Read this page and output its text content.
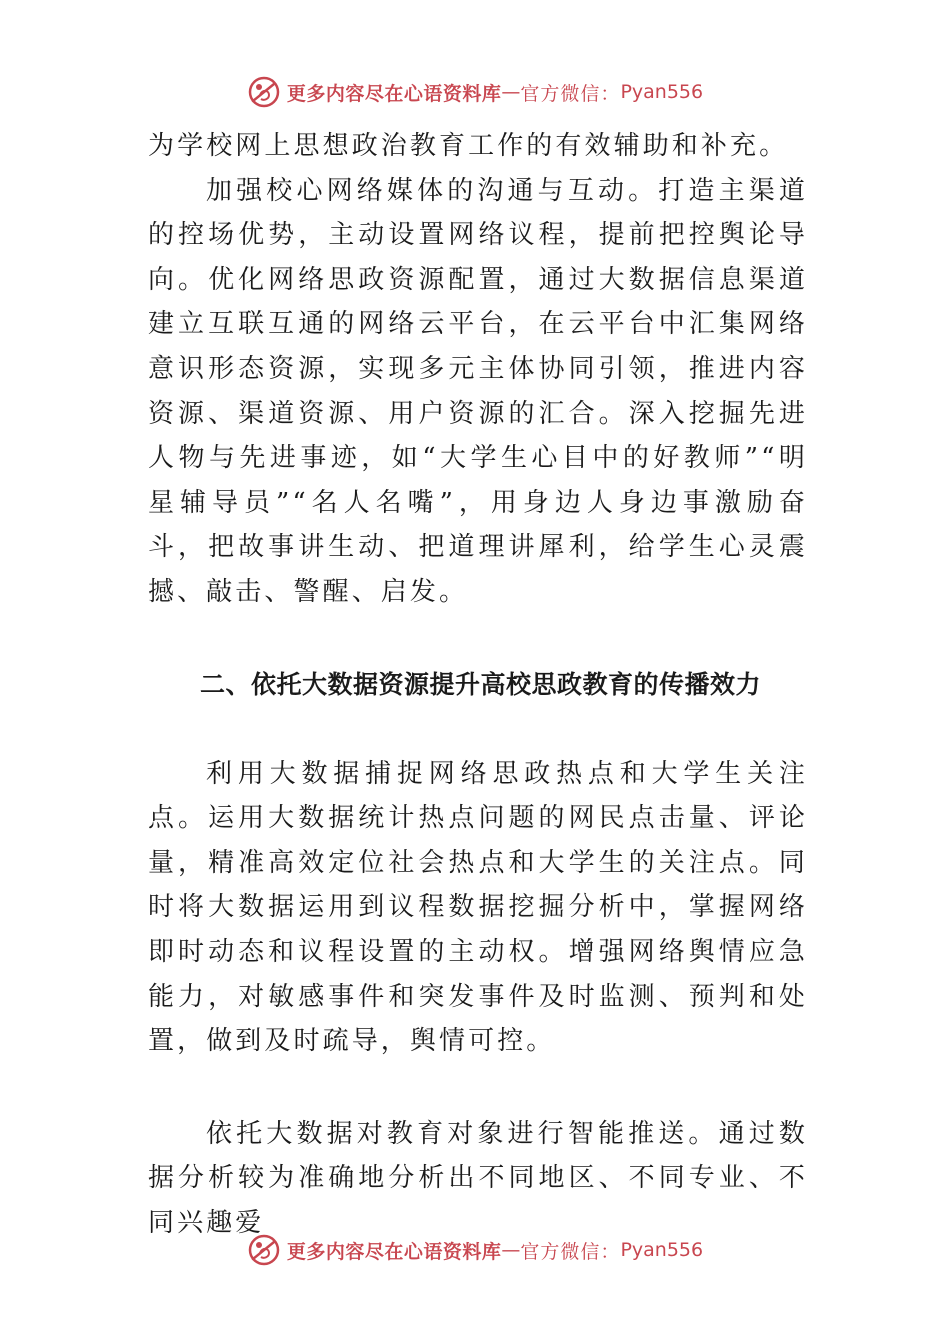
更多内容尽在心语资料库 — 官方微信： Pyan556

为学校网上思想政治教育工作的有效辅助和补充。

加强校心网络媒体的沟通与互动。打造主渠道的控场优势，主动设置网络议程，提前把控舆论导向。优化网络思政资源配置，通过大数据信息渠道建立互联互通的网络云平台，在云平台中汇集网络意识形态资源，实现多元主体协同引领，推进内容资源、渠道资源、用户资源的汇合。深入挖掘先进人物与先进事迹，如“大学生心目中的好教师”“明星辅导员”“名人名嘴”，用身边人身边事激励奋斗，把故事讲生动、把道理讲犀利，给学生心灵震撼、敲击、警醒、启发。

二、依托大数据资源提升高校思政教育的传播效力

利用大数据捕捉网络思政热点和大学生关注点。运用大数据统计热点问题的网民点击量、评论量，精准高效定位社会热点和大学生的关注点。同时将大数据运用到议程数据挖掘分析中，掌握网络即时动态和议程设置的主动权。增强网络舆情应急能力，对敏感事件和突发事件及时监测、预判和处置，做到及时疏导，舆情可控。

依托大数据对教育对象进行智能推送。通过数据分析较为准确地分析出不同地区、不同专业、不同兴趣爱

更多内容尽在心语资料库 — 官方微信： Pyan556
